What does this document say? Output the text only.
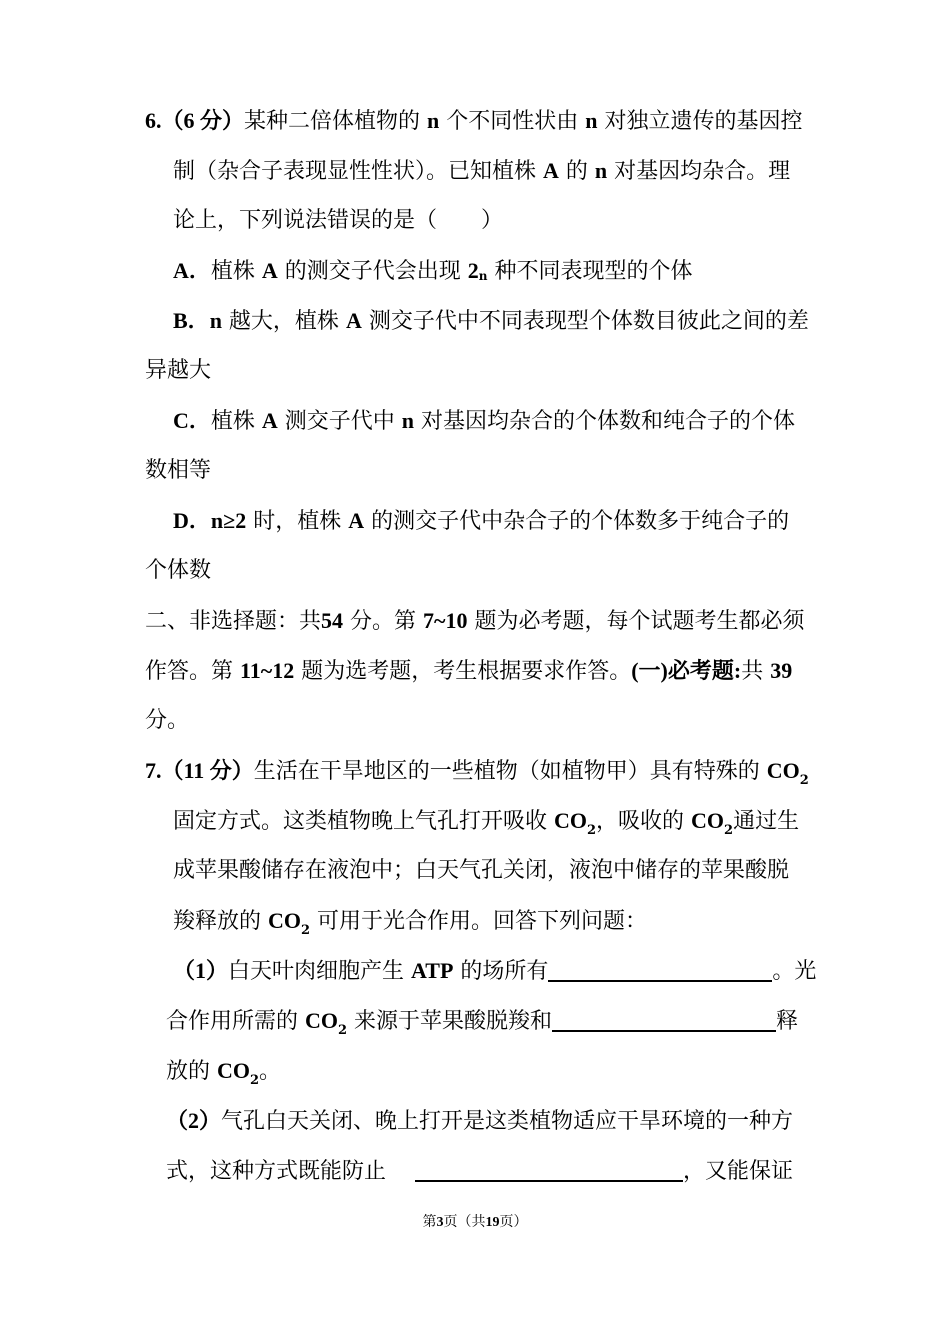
6.（6 分）某种二倍体植物的 n 个不同性状由 n 对独立遗传的基因控
制（杂合子表现显性性状）。已知植株 A 的 n 对基因均杂合。理
论上，下列说法错误的是（　　）
A．植株 A 的测交子代会出现 2n 种不同表现型的个体
B．n 越大，植株 A 测交子代中不同表现型个体数目彼此之间的差
异越大
C．植株 A 测交子代中 n 对基因均杂合的个体数和纯合子的个体
数相等
D．n≥2 时，植株 A 的测交子代中杂合子的个体数多于纯合子的
个体数
二、非选择题：共54 分。第 7~10 题为必考题，每个试题考生都必须
作答。第 11~12 题为选考题，考生根据要求作答。(一)必考题:共 39
分。
7.（11 分）生活在干旱地区的一些植物（如植物甲）具有特殊的 $CO_2$
固定方式。这类植物晚上气孔打开吸收 $CO_2$，吸收的 $CO_2$通过生
成苹果酸储存在液泡中；白天气孔关闭，液泡中储存的苹果酸脱
羧释放的 $CO_2$ 可用于光合作用。回答下列问题：
（1）白天叶肉细胞产生 ATP 的场所有	。光
合作用所需的 $CO_2$ 来源于苹果酸脱羧和	释
放的 $CO_2$。
（2）气孔白天关闭、晚上打开是这类植物适应干旱环境的一种方
式，这种方式既能防止	，又能保证
第3页（共19页）
